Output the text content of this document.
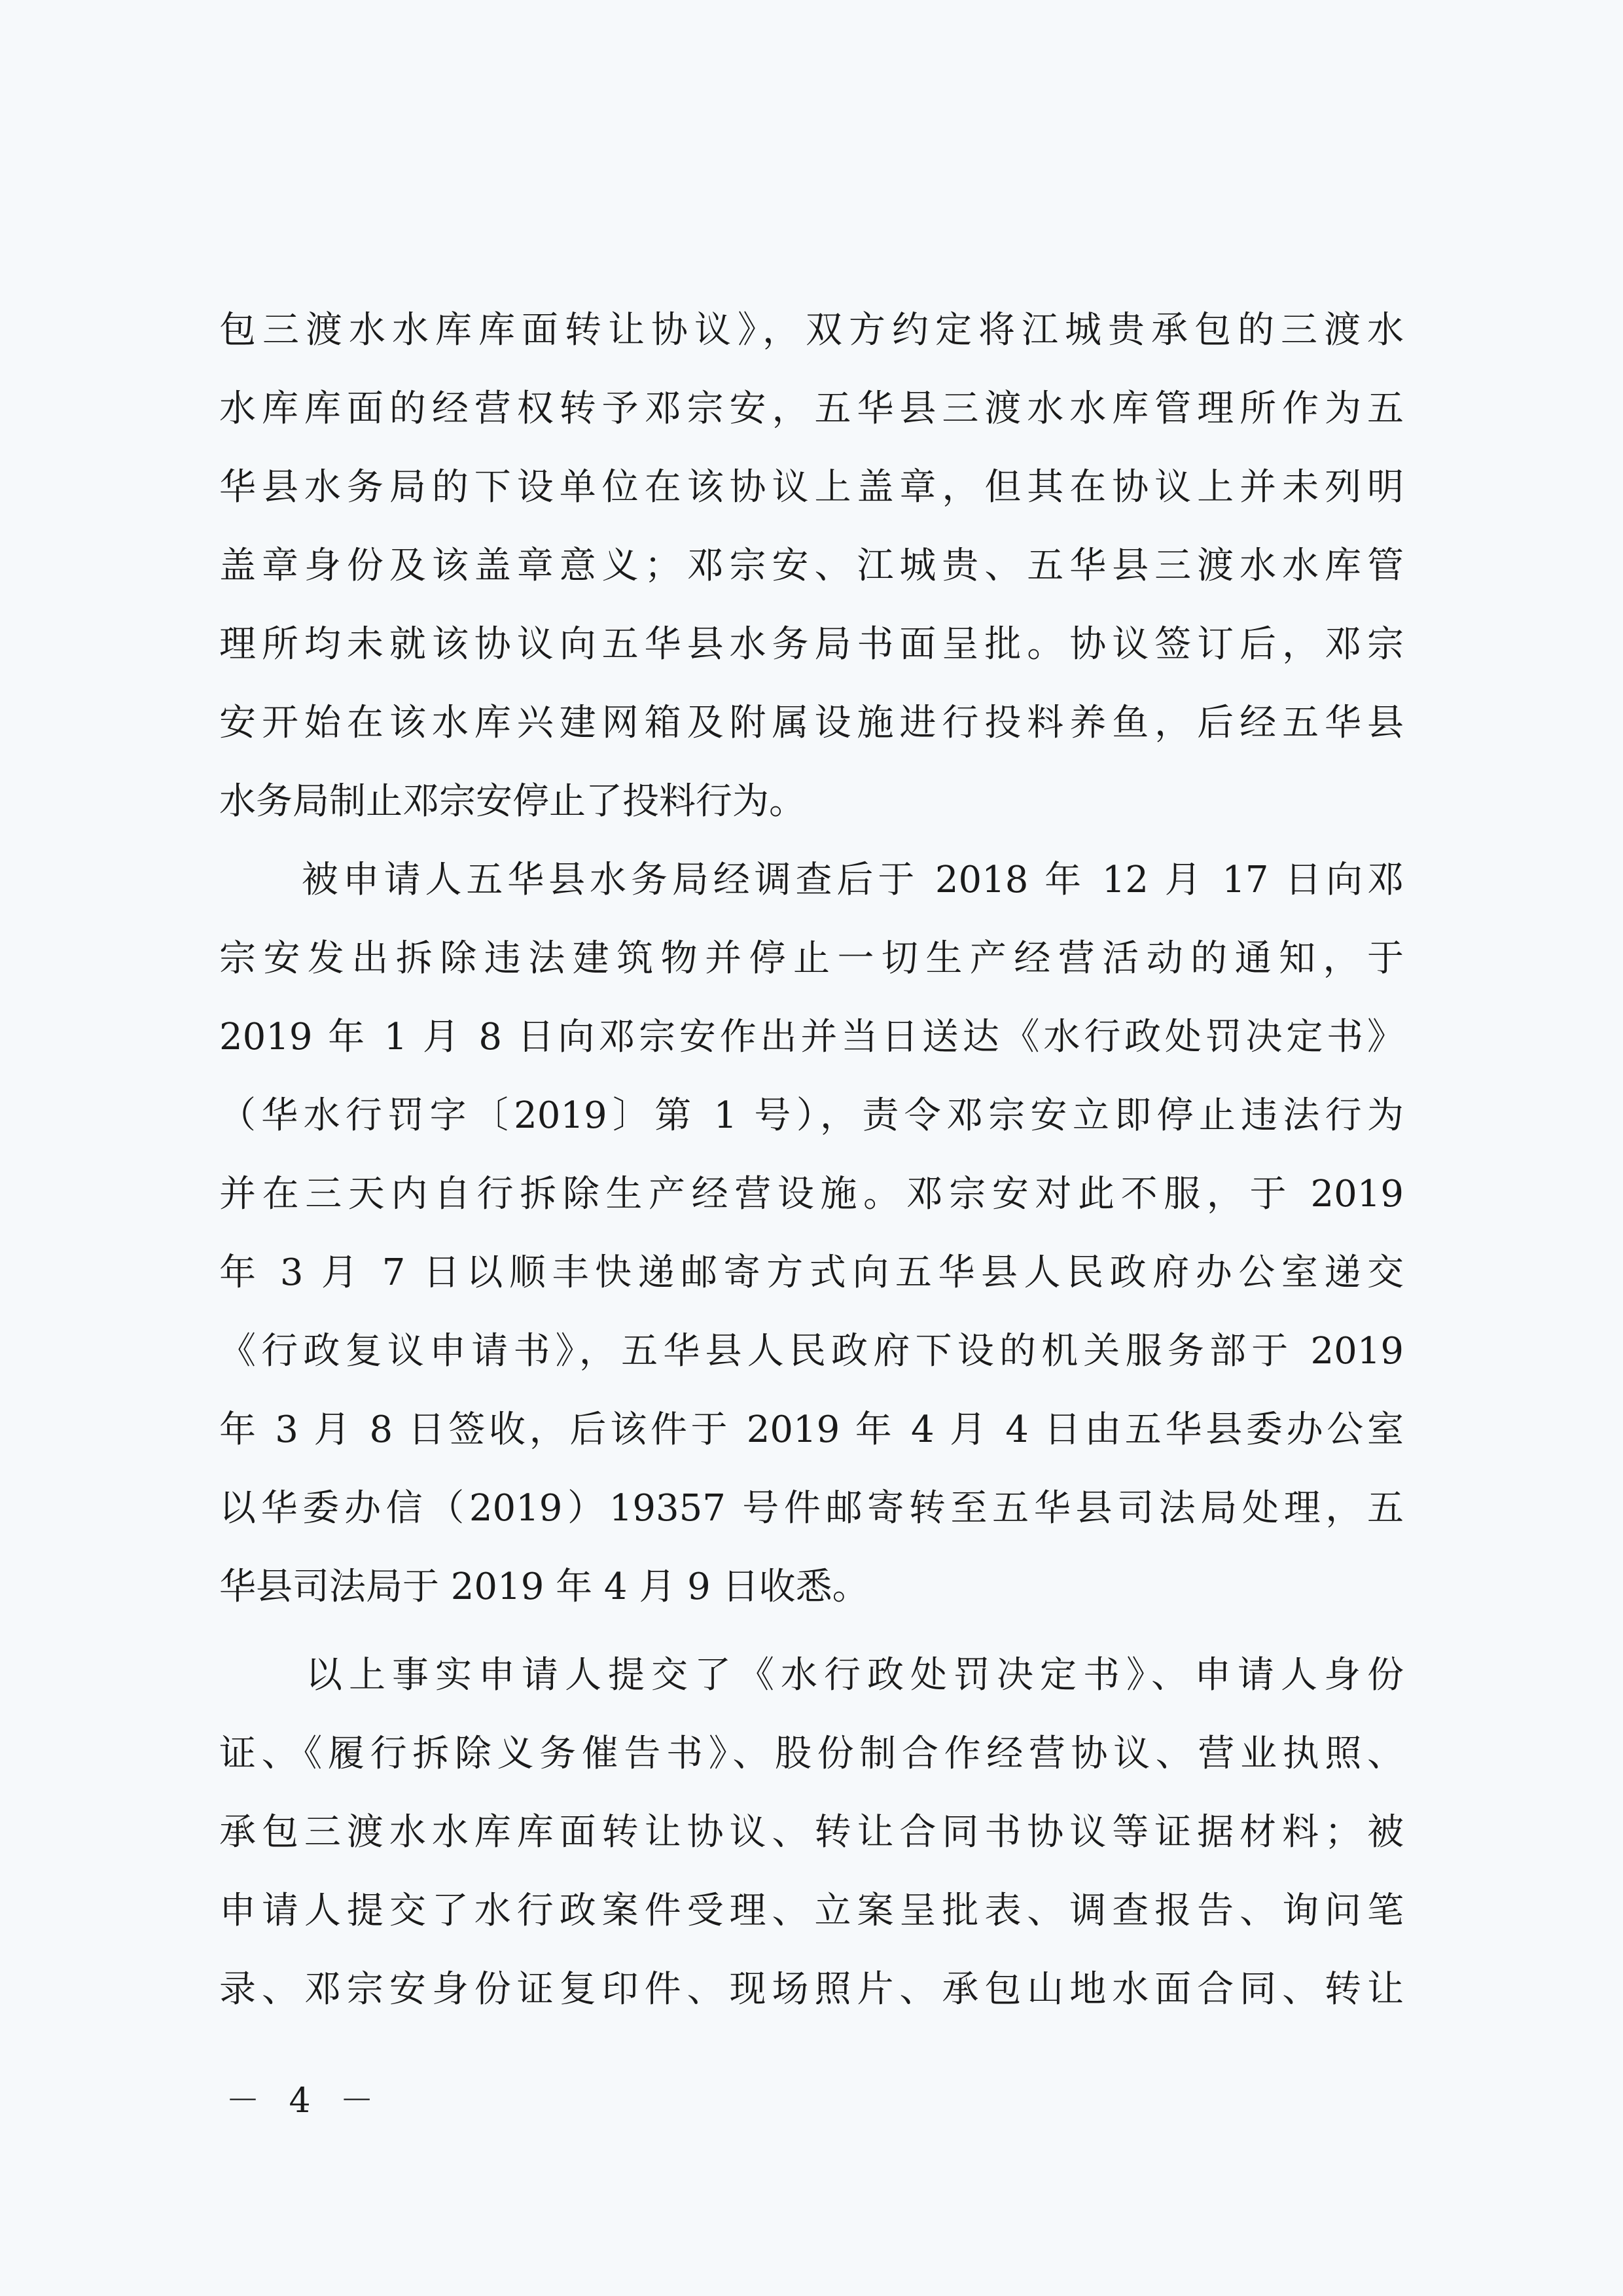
包三渡水水库库面转让协议》，双方约定将江城贵承包的三渡水
水库库面的经营权转予邓宗安，五华县三渡水水库管理所作为五
华县水务局的下设单位在该协议上盖章，但其在协议上并未列明
盖章身份及该盖章意义；邓宗安、江城贵、五华县三渡水水库管
理所均未就该协议向五华县水务局书面呈批。协议签订后，邓宗
安开始在该水库兴建网箱及附属设施进行投料养鱼，后经五华县
水务局制止邓宗安停止了投料行为。
　　被申请人五华县水务局经调查后于 2018 年 12 月 17 日向邓
宗安发出拆除违法建筑物并停止一切生产经营活动的通知，于
2019 年 1 月 8 日向邓宗安作出并当日送达《水行政处罚决定书》
（华水行罚字〔2019〕第 1 号），责令邓宗安立即停止违法行为
并在三天内自行拆除生产经营设施。邓宗安对此不服，于 2019
年 3 月 7 日以顺丰快递邮寄方式向五华县人民政府办公室递交
《行政复议申请书》，五华县人民政府下设的机关服务部于 2019
年 3 月 8 日签收，后该件于 2019 年 4 月 4 日由五华县委办公室
以华委办信（2019）19357 号件邮寄转至五华县司法局处理，五
华县司法局于 2019 年 4 月 9 日收悉。
　　以上事实申请人提交了《水行政处罚决定书》、申请人身份
证、《履行拆除义务催告书》、股份制合作经营协议、营业执照、
承包三渡水水库库面转让协议、转让合同书协议等证据材料；被
申请人提交了水行政案件受理、立案呈批表、调查报告、询问笔
录、邓宗安身份证复印件、现场照片、承包山地水面合同、转让
－ 4 －
